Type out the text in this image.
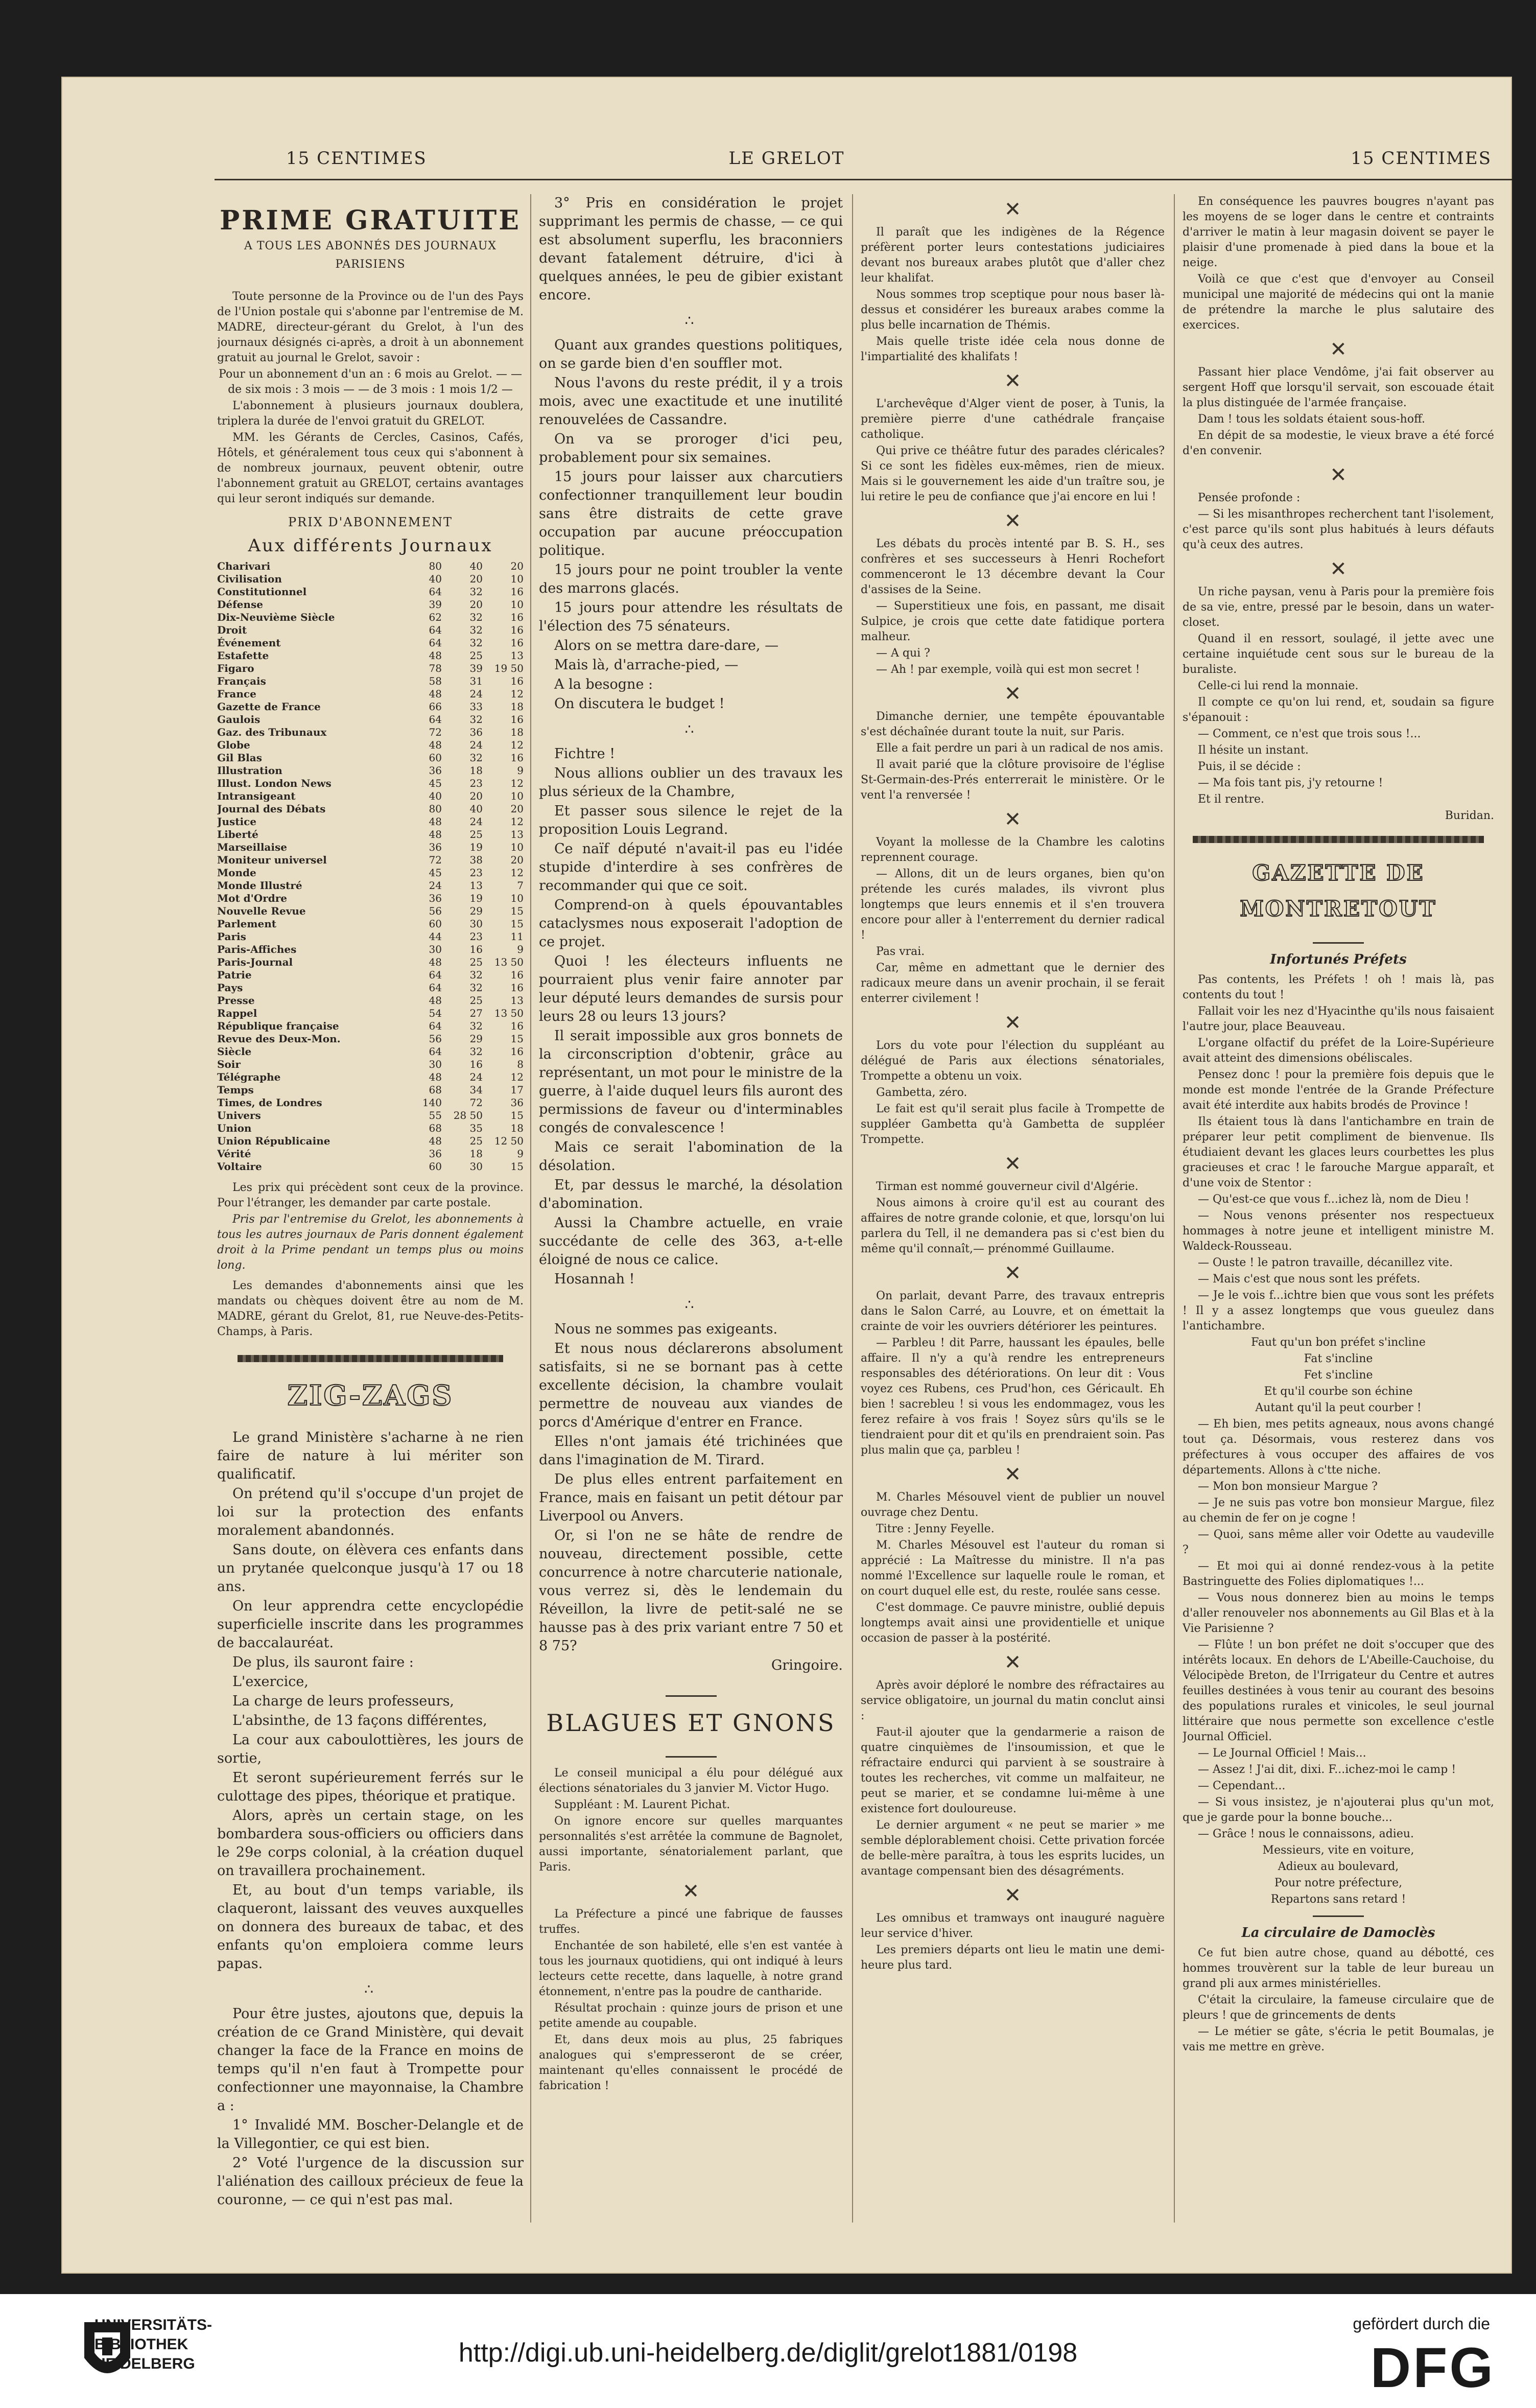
15 CENTIMES	LE GRELOT	15 CENTIMES
PRIME GRATUITE
A TOUS LES ABONNÉS DES JOURNAUX PARISIENS

Toute personne de la Province ou de l'un des Pays de l'Union postale qui s'abonne par l'entremise de M. MADRE, directeur-gérant du Grelot, à l'un des journaux désignés ci-après, a droit à un abonnement gratuit au journal le Grelot, savoir :

Pour un abonnement d'un an : 6 mois au Grelot. — — de six mois : 3 mois — — de 3 mois : 1 mois 1/2 —

L'abonnement à plusieurs journaux doublera, triplera la durée de l'envoi gratuit du GRELOT.

MM. les Gérants de Cercles, Casinos, Cafés, Hôtels, et généralement tous ceux qui s'abonnent à de nombreux journaux, peuvent obtenir, outre l'abonnement gratuit au GRELOT, certains avantages qui leur seront indiqués sur demande.

PRIX D'ABONNEMENT
Aux différents Journaux
Charivari	80	40	20
Civilisation	40	20	10
Constitutionnel	64	32	16
Défense	39	20	10
Dix-Neuvième Siècle	62	32	16
Droit	64	32	16
Événement	64	32	16
Estafette	48	25	13
Figaro	78	39	19 50
Français	58	31	16
France	48	24	12
Gazette de France	66	33	18
Gaulois	64	32	16
Gaz. des Tribunaux	72	36	18
Globe	48	24	12
Gil Blas	60	32	16
Illustration	36	18	9
Illust. London News	45	23	12
Intransigeant	40	20	10
Journal des Débats	80	40	20
Justice	48	24	12
Liberté	48	25	13
Marseillaise	36	19	10
Moniteur universel	72	38	20
Monde	45	23	12
Monde Illustré	24	13	7
Mot d'Ordre	36	19	10
Nouvelle Revue	56	29	15
Parlement	60	30	15
Paris	44	23	11
Paris-Affiches	30	16	9
Paris-Journal	48	25	13 50
Patrie	64	32	16
Pays	64	32	16
Presse	48	25	13
Rappel	54	27	13 50
République française	64	32	16
Revue des Deux-Mon.	56	29	15
Siècle	64	32	16
Soir	30	16	8
Télégraphe	48	24	12
Temps	68	34	17
Times, de Londres	140	72	36
Univers	55	28 50	15
Union	68	35	18
Union Républicaine	48	25	12 50
Vérité	36	18	9
Voltaire	60	30	15

Les prix qui précèdent sont ceux de la province. Pour l'étranger, les demander par carte postale.

Pris par l'entremise du Grelot, les abonnements à tous les autres journaux de Paris donnent également droit à la Prime pendant un temps plus ou moins long.

Les demandes d'abonnements ainsi que les mandats ou chèques doivent être au nom de M. MADRE, gérant du Grelot, 81, rue Neuve-des-Petits-Champs, à Paris.

ZIG-ZAGS

Le grand Ministère s'acharne à ne rien faire de nature à lui mériter son qualificatif.

On prétend qu'il s'occupe d'un projet de loi sur la protection des enfants moralement abandonnés.

Sans doute, on élèvera ces enfants dans un prytanée quelconque jusqu'à 17 ou 18 ans.

On leur apprendra cette encyclopédie superficielle inscrite dans les programmes de baccalauréat.

De plus, ils sauront faire :

L'exercice,

La charge de leurs professeurs,

L'absinthe, de 13 façons différentes,

La cour aux caboulottières, les jours de sortie,

Et seront supérieurement ferrés sur le culottage des pipes, théorique et pratique.

Alors, après un certain stage, on les bombardera sous-officiers ou officiers dans le 29e corps colonial, à la création duquel on travaillera prochainement.

Et, au bout d'un temps variable, ils claqueront, laissant des veuves auxquelles on donnera des bureaux de tabac, et des enfants qu'on emploiera comme leurs papas.

∴

Pour être justes, ajoutons que, depuis la création de ce Grand Ministère, qui devait changer la face de la France en moins de temps qu'il n'en faut à Trompette pour confectionner une mayonnaise, la Chambre a :

1° Invalidé MM. Boscher-Delangle et de la Villegontier, ce qui est bien.

2° Voté l'urgence de la discussion sur l'aliénation des cailloux précieux de feue la couronne, — ce qui n'est pas mal.

3° Pris en considération le projet supprimant les permis de chasse, — ce qui est absolument superflu, les braconniers devant fatalement détruire, d'ici à quelques années, le peu de gibier existant encore.

∴

Quant aux grandes questions politiques, on se garde bien d'en souffler mot.

Nous l'avons du reste prédit, il y a trois mois, avec une exactitude et une inutilité renouvelées de Cassandre.

On va se proroger d'ici peu, probablement pour six semaines.

15 jours pour laisser aux charcutiers confectionner tranquillement leur boudin sans être distraits de cette grave occupation par aucune préoccupation politique.

15 jours pour ne point troubler la vente des marrons glacés.

15 jours pour attendre les résultats de l'élection des 75 sénateurs.

Alors on se mettra dare-dare, —

Mais là, d'arrache-pied, —

A la besogne :

On discutera le budget !

∴

Fichtre !

Nous allions oublier un des travaux les plus sérieux de la Chambre,

Et passer sous silence le rejet de la proposition Louis Legrand.

Ce naïf député n'avait-il pas eu l'idée stupide d'interdire à ses confrères de recommander qui que ce soit.

Comprend-on à quels épouvantables cataclysmes nous exposerait l'adoption de ce projet.

Quoi ! les électeurs influents ne pourraient plus venir faire annoter par leur député leurs demandes de sursis pour leurs 28 ou leurs 13 jours?

Il serait impossible aux gros bonnets de la circonscription d'obtenir, grâce au représentant, un mot pour le ministre de la guerre, à l'aide duquel leurs fils auront des permissions de faveur ou d'interminables congés de convalescence !

Mais ce serait l'abomination de la désolation.

Et, par dessus le marché, la désolation d'abomination.

Aussi la Chambre actuelle, en vraie succédante de celle des 363, a-t-elle éloigné de nous ce calice.

Hosannah !

∴

Nous ne sommes pas exigeants.

Et nous nous déclarerons absolument satisfaits, si ne se bornant pas à cette excellente décision, la chambre voulait permettre de nouveau aux viandes de porcs d'Amérique d'entrer en France.

Elles n'ont jamais été trichinées que dans l'imagination de M. Tirard.

De plus elles entrent parfaitement en France, mais en faisant un petit détour par Liverpool ou Anvers.

Or, si l'on ne se hâte de rendre de nouveau, directement possible, cette concurrence à notre charcuterie nationale, vous verrez si, dès le lendemain du Réveillon, la livre de petit-salé ne se hausse pas à des prix variant entre 7 50 et 8 75?

Gringoire.

BLAGUES ET GNONS

Le conseil municipal a élu pour délégué aux élections sénatoriales du 3 janvier M. Victor Hugo.

Suppléant : M. Laurent Pichat.

On ignore encore sur quelles marquantes personnalités s'est arrêtée la commune de Bagnolet, aussi importante, sénatorialement parlant, que Paris.

✕

La Préfecture a pincé une fabrique de fausses truffes.

Enchantée de son habileté, elle s'en est vantée à tous les journaux quotidiens, qui ont indiqué à leurs lecteurs cette recette, dans laquelle, à notre grand étonnement, n'entre pas la poudre de cantharide.

Résultat prochain : quinze jours de prison et une petite amende au coupable.

Et, dans deux mois au plus, 25 fabriques analogues qui s'empresseront de se créer, maintenant qu'elles connaissent le procédé de fabrication !

✕

Il paraît que les indigènes de la Régence préfèrent porter leurs contestations judiciaires devant nos bureaux arabes plutôt que d'aller chez leur khalifat.

Nous sommes trop sceptique pour nous baser là-dessus et considérer les bureaux arabes comme la plus belle incarnation de Thémis.

Mais quelle triste idée cela nous donne de l'impartialité des khalifats !

✕

L'archevêque d'Alger vient de poser, à Tunis, la première pierre d'une cathédrale française catholique.

Qui prive ce théâtre futur des parades cléricales? Si ce sont les fidèles eux-mêmes, rien de mieux. Mais si le gouvernement les aide d'un traître sou, je lui retire le peu de confiance que j'ai encore en lui !

✕

Les débats du procès intenté par B. S. H., ses confrères et ses successeurs à Henri Rochefort commenceront le 13 décembre devant la Cour d'assises de la Seine.

— Superstitieux une fois, en passant, me disait Sulpice, je crois que cette date fatidique portera malheur.

— A qui ?

— Ah ! par exemple, voilà qui est mon secret !

✕

Dimanche dernier, une tempête épouvantable s'est déchaînée durant toute la nuit, sur Paris.

Elle a fait perdre un pari à un radical de nos amis.

Il avait parié que la clôture provisoire de l'église St-Germain-des-Prés enterrerait le ministère. Or le vent l'a renversée !

✕

Voyant la mollesse de la Chambre les calotins reprennent courage.

— Allons, dit un de leurs organes, bien qu'on prétende les curés malades, ils vivront plus longtemps que leurs ennemis et il s'en trouvera encore pour aller à l'enterrement du dernier radical !

Pas vrai.

Car, même en admettant que le dernier des radicaux meure dans un avenir prochain, il se ferait enterrer civilement !

✕

Lors du vote pour l'élection du suppléant au délégué de Paris aux élections sénatoriales, Trompette a obtenu un voix.

Gambetta, zéro.

Le fait est qu'il serait plus facile à Trompette de suppléer Gambetta qu'à Gambetta de suppléer Trompette.

✕

Tirman est nommé gouverneur civil d'Algérie.

Nous aimons à croire qu'il est au courant des affaires de notre grande colonie, et que, lorsqu'on lui parlera du Tell, il ne demandera pas si c'est bien du même qu'il connaît,— prénommé Guillaume.

✕

On parlait, devant Parre, des travaux entrepris dans le Salon Carré, au Louvre, et on émettait la crainte de voir les ouvriers détériorer les peintures.

— Parbleu ! dit Parre, haussant les épaules, belle affaire. Il n'y a qu'à rendre les entrepreneurs responsables des détériorations. On leur dit : Vous voyez ces Rubens, ces Prud'hon, ces Géricault. Eh bien ! sacrebleu ! si vous les endommagez, vous les ferez refaire à vos frais ! Soyez sûrs qu'ils se le tiendraient pour dit et qu'ils en prendraient soin. Pas plus malin que ça, parbleu !

✕

M. Charles Mésouvel vient de publier un nouvel ouvrage chez Dentu.

Titre : Jenny Feyelle.

M. Charles Mésouvel est l'auteur du roman si apprécié : La Maîtresse du ministre. Il n'a pas nommé l'Excellence sur laquelle roule le roman, et on court duquel elle est, du reste, roulée sans cesse.

C'est dommage. Ce pauvre ministre, oublié depuis longtemps avait ainsi une providentielle et unique occasion de passer à la postérité.

✕

Après avoir déploré le nombre des réfractaires au service obligatoire, un journal du matin conclut ainsi :

Faut-il ajouter que la gendarmerie a raison de quatre cinquièmes de l'insoumission, et que le réfractaire endurci qui parvient à se soustraire à toutes les recherches, vit comme un malfaiteur, ne peut se marier, et se condamne lui-même à une existence fort douloureuse.

Le dernier argument « ne peut se marier » me semble déplorablement choisi. Cette privation forcée de belle-mère paraîtra, à tous les esprits lucides, un avantage compensant bien des désagréments.

✕

Les omnibus et tramways ont inauguré naguère leur service d'hiver.

Les premiers départs ont lieu le matin une demi-heure plus tard.

En conséquence les pauvres bougres n'ayant pas les moyens de se loger dans le centre et contraints d'arriver le matin à leur magasin doivent se payer le plaisir d'une promenade à pied dans la boue et la neige.

Voilà ce que c'est que d'envoyer au Conseil municipal une majorité de médecins qui ont la manie de prétendre la marche le plus salutaire des exercices.

✕

Passant hier place Vendôme, j'ai fait observer au sergent Hoff que lorsqu'il servait, son escouade était la plus distinguée de l'armée française.

Dam ! tous les soldats étaient sous-hoff.

En dépit de sa modestie, le vieux brave a été forcé d'en convenir.

✕

Pensée profonde :

— Si les misanthropes recherchent tant l'isolement, c'est parce qu'ils sont plus habitués à leurs défauts qu'à ceux des autres.

✕

Un riche paysan, venu à Paris pour la première fois de sa vie, entre, pressé par le besoin, dans un water-closet.

Quand il en ressort, soulagé, il jette avec une certaine inquiétude cent sous sur le bureau de la buraliste.

Celle-ci lui rend la monnaie.

Il compte ce qu'on lui rend, et, soudain sa figure s'épanouit :

— Comment, ce n'est que trois sous !...

Il hésite un instant.

Puis, il se décide :

— Ma fois tant pis, j'y retourne !

Et il rentre.

Buridan.

GAZETTE DE MONTRETOUT
Infortunés Préfets

Pas contents, les Préfets ! oh ! mais là, pas contents du tout !

Fallait voir les nez d'Hyacinthe qu'ils nous faisaient l'autre jour, place Beauveau.

L'organe olfactif du préfet de la Loire-Supérieure avait atteint des dimensions obéliscales.

Pensez donc ! pour la première fois depuis que le monde est monde l'entrée de la Grande Préfecture avait été interdite aux habits brodés de Province !

Ils étaient tous là dans l'antichambre en train de préparer leur petit compliment de bienvenue. Ils étudiaient devant les glaces leurs courbettes les plus gracieuses et crac ! le farouche Margue apparaît, et d'une voix de Stentor :

— Qu'est-ce que vous f...ichez là, nom de Dieu !

— Nous venons présenter nos respectueux hommages à notre jeune et intelligent ministre M. Waldeck-Rousseau.

— Ouste ! le patron travaille, décanillez vite.

— Mais c'est que nous sont les préfets.

— Je le vois f...ichtre bien que vous sont les préfets ! Il y a assez longtemps que vous gueulez dans l'antichambre.

Faut qu'un bon préfet s'incline

Fat s'incline

Fet s'incline

Et qu'il courbe son échine

Autant qu'il la peut courber !

— Eh bien, mes petits agneaux, nous avons changé tout ça. Désormais, vous resterez dans vos préfectures à vous occuper des affaires de vos départements. Allons à c'tte niche.

— Mon bon monsieur Margue ?

— Je ne suis pas votre bon monsieur Margue, filez au chemin de fer on je cogne !

— Quoi, sans même aller voir Odette au vaudeville ?

— Et moi qui ai donné rendez-vous à la petite Bastringuette des Folies diplomatiques !...

— Vous nous donnerez bien au moins le temps d'aller renouveler nos abonnements au Gil Blas et à la Vie Parisienne ?

— Flûte ! un bon préfet ne doit s'occuper que des intérêts locaux. En dehors de L'Abeille-Cauchoise, du Vélocipède Breton, de l'Irrigateur du Centre et autres feuilles destinées à vous tenir au courant des besoins des populations rurales et vinicoles, le seul journal littéraire que nous permette son excellence c'estle Journal Officiel.

— Le Journal Officiel ! Mais...

— Assez ! J'ai dit, dixi. F...ichez-moi le camp !

— Cependant...

— Si vous insistez, je n'ajouterai plus qu'un mot, que je garde pour la bonne bouche...

— Grâce ! nous le connaissons, adieu.

Messieurs, vite en voiture,

Adieux au boulevard,

Pour notre préfecture,

Repartons sans retard !

La circulaire de Damoclès

Ce fut bien autre chose, quand au débotté, ces hommes trouvèrent sur la table de leur bureau un grand pli aux armes ministérielles.

C'était la circulaire, la fameuse circulaire que de pleurs ! que de grincements de dents

— Le métier se gâte, s'écria le petit Boumalas, je vais me mettre en grève.

UNIVERSITÄTS-
BIBLIOTHEK
HEIDELBERG	http://digi.ub.uni-heidelberg.de/diglit/grelot1881/0198
gefördert durch die
DFG
